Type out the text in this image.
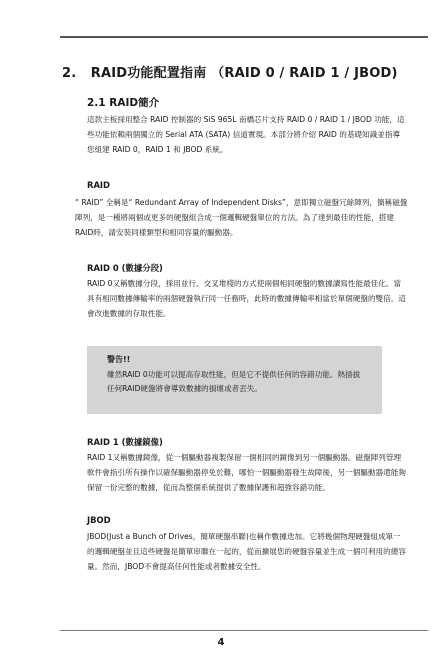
2. RAID功能配置指南 （RAID 0 / RAID 1 / JBOD)
2.1 RAID簡介

這款主板採用整合 RAID 控制器的 SiS 965L 南橋芯片支持 RAID 0 / RAID 1 / JBOD 功能，這些功能依賴兩個獨立的 Serial ATA (SATA) 信道實現。本部分將介紹 RAID 的基礎知識並指導您組建 RAID 0，RAID 1 和 JBOD 系統。

RAID

“ RAID” 全稱是“ Redundant Array of Independent Disks”，意即獨立磁盤冗餘陣列，簡稱磁盤陣列，是一種將兩個或更多的硬盤組合成一個邏輯硬盤單位的方法。為了達到最佳的性能，搭建 RAID時，請安裝同樣類型和相同容量的驅動器。

RAID 0 (數據分段)

RAID 0又稱數據分段，採用並行、交叉堆棧的方式使兩個相同硬盤的數據讀寫性能最佳化。當具有相同數據傳輸率的兩個硬盤執行同一任務時，此時的數據傳輸率相當於單個硬盤的雙倍，這會改進數據的存取性能。

警告!!

雖然RAID 0功能可以提高存取性能，但是它不提供任何的容錯功能。熱插拔任何RAID硬盤將會導致數據的損壞或者丟失。

RAID 1 (數據鏡像)

RAID 1又稱數據鏡像，從一個驅動器複製保留一個相同的鏡像到另一個驅動器。磁盤陣列管理軟件會指引所有操作以確保驅動器停免於難，哪怕一個驅動器發生故障後，另一個驅動器還能夠保留一份完整的數據，從而為整個系統提供了數據保護和超強容錯功能。

JBOD

JBOD(Just a Bunch of Drives，簡單硬盤串聯)也稱作數據迭加。它將幾個物理硬盤組成單一的邏輯硬盤並且這些硬盤是簡單串聯在一起的，從而擴展您的硬盤容量並生成一個可利用的總容量。然而，JBOD不會提高任何性能或者數據安全性。

4
